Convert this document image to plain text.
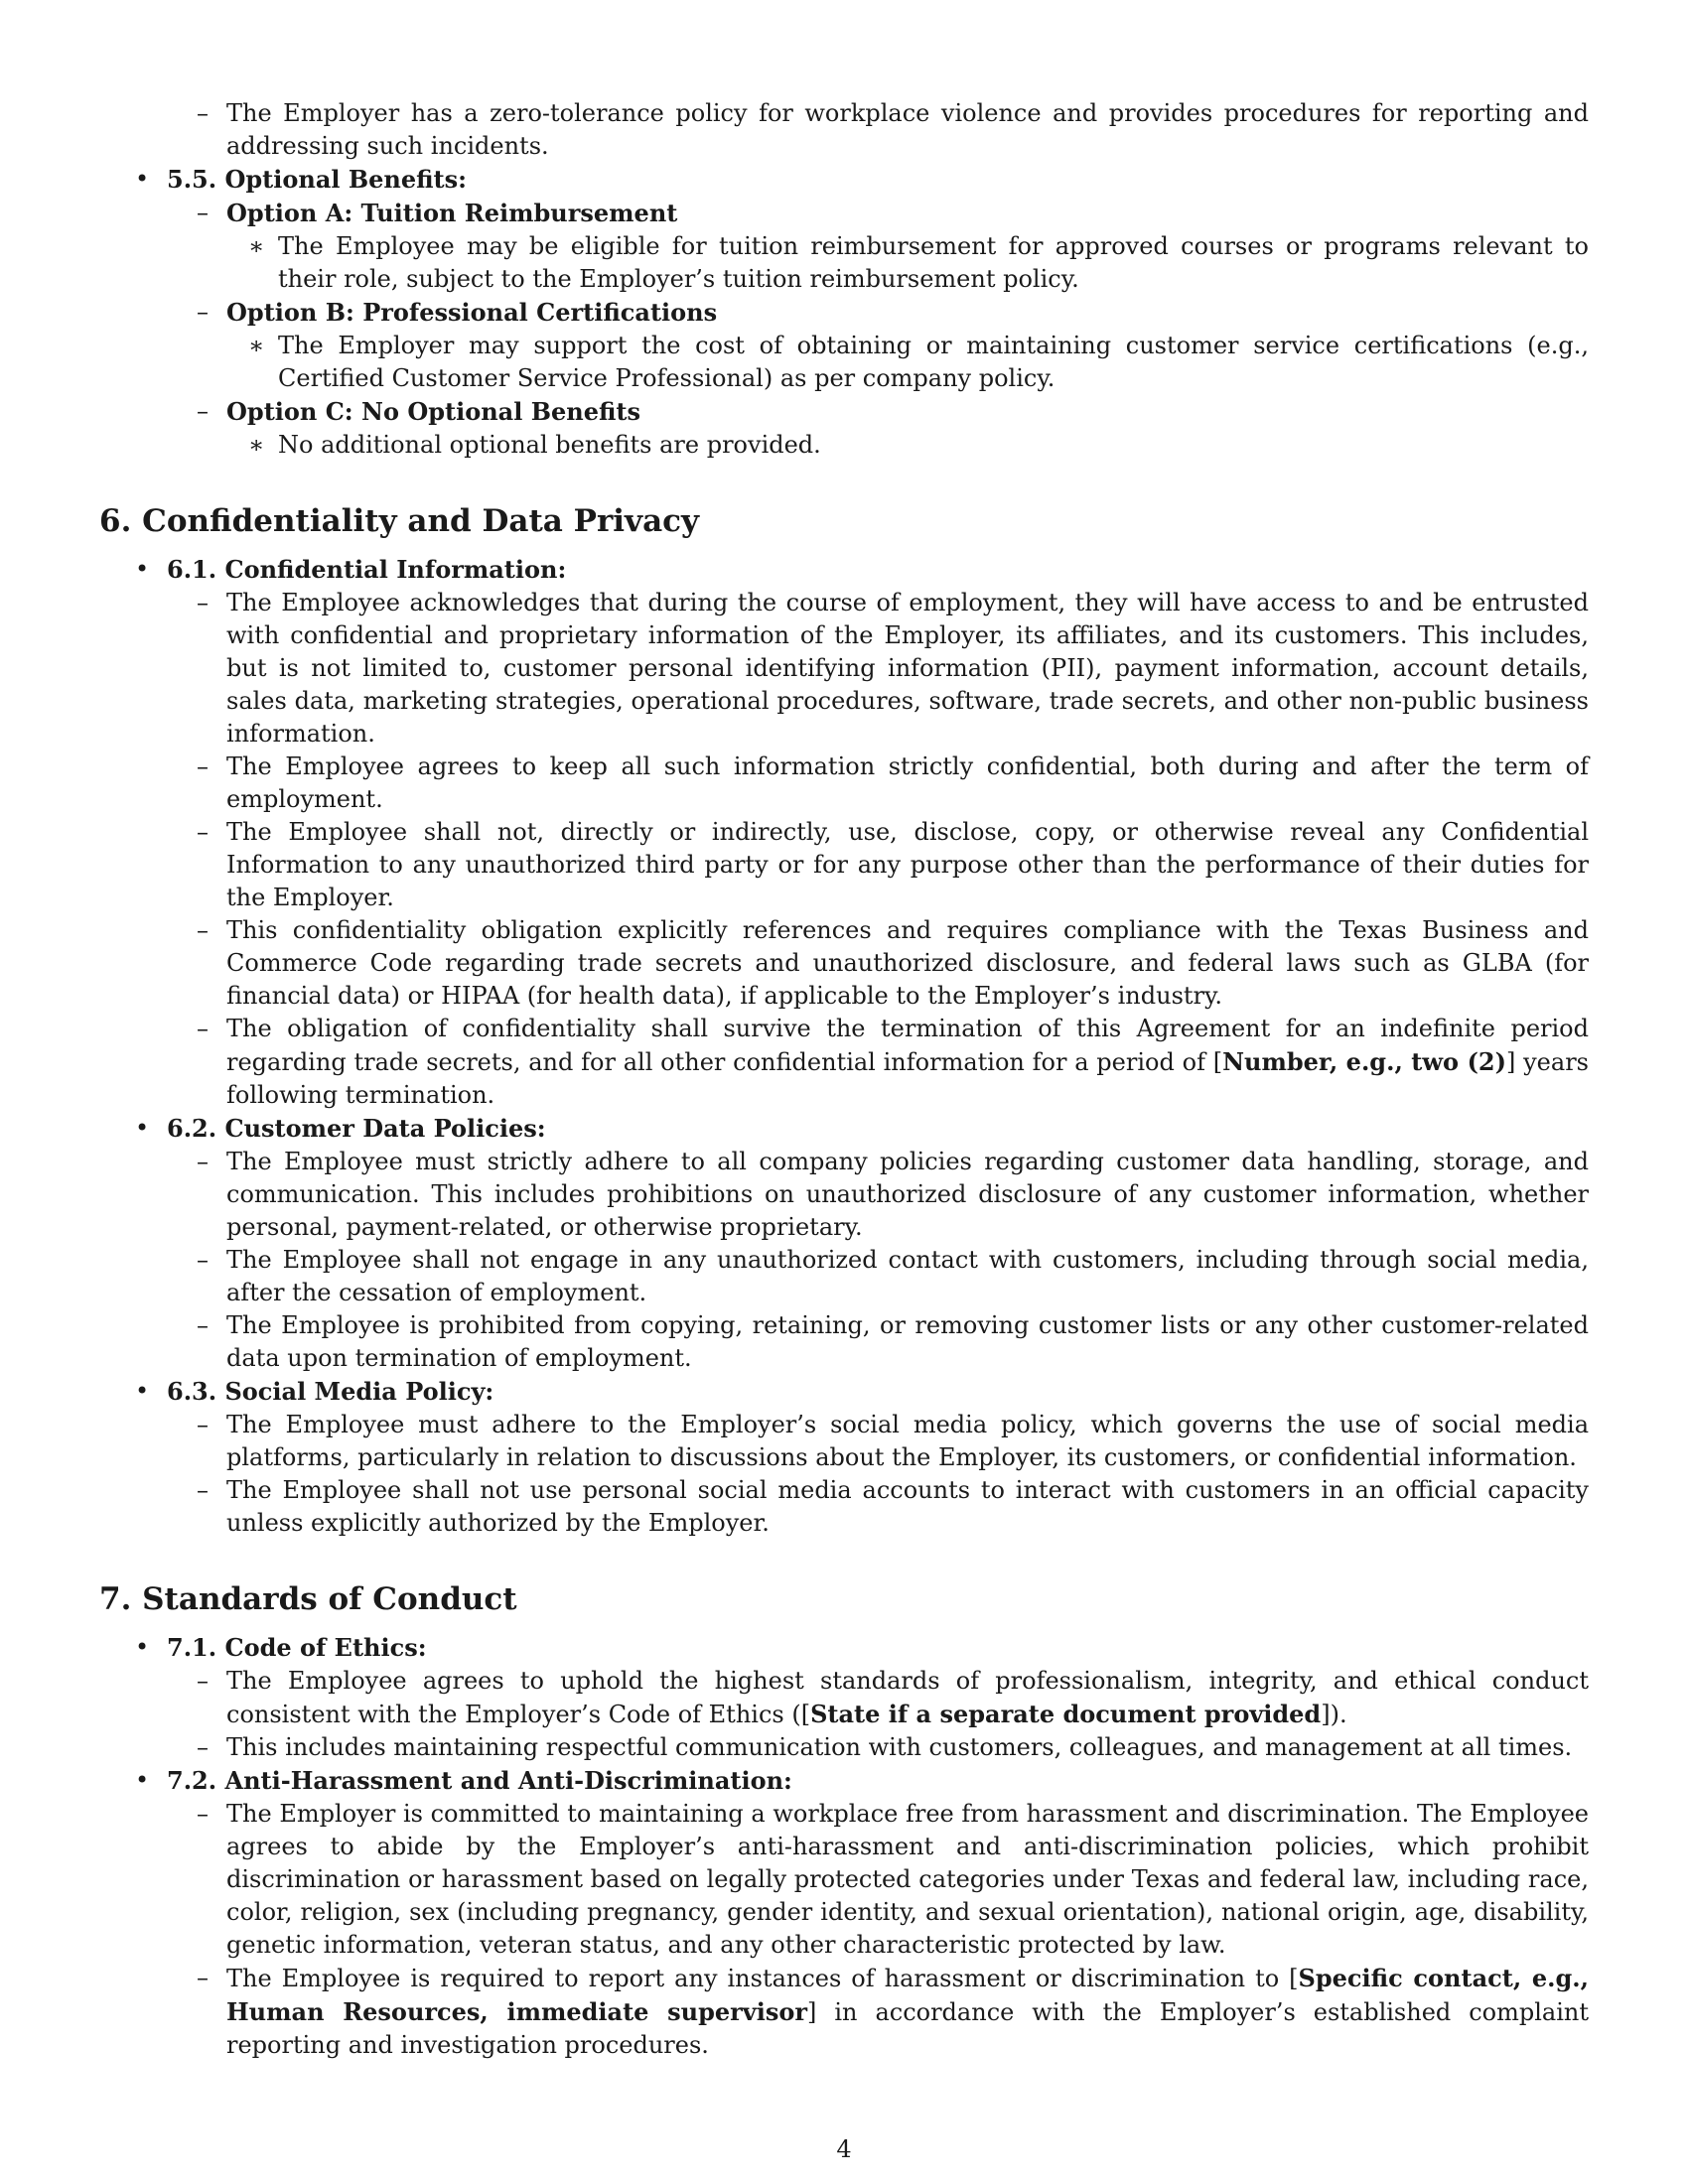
– The Employer has a zero-tolerance policy for workplace violence and provides procedures for reporting and addressing such incidents.
• 5.5. Optional Benefits:
– Option A: Tuition Reimbursement
∗ The Employee may be eligible for tuition reimbursement for approved courses or programs relevant to their role, subject to the Employer’s tuition reimbursement policy.
– Option B: Professional Certifications
∗ The Employer may support the cost of obtaining or maintaining customer service certifications (e.g., Certified Customer Service Professional) as per company policy.
– Option C: No Optional Benefits
∗ No additional optional benefits are provided.
6. Confidentiality and Data Privacy
• 6.1. Confidential Information:
– The Employee acknowledges that during the course of employment, they will have access to and be entrusted with confidential and proprietary information of the Employer, its affiliates, and its customers. This includes, but is not limited to, customer personal identifying information (PII), payment information, account details, sales data, marketing strategies, operational procedures, software, trade secrets, and other non-public business information.
– The Employee agrees to keep all such information strictly confidential, both during and after the term of employment.
– The Employee shall not, directly or indirectly, use, disclose, copy, or otherwise reveal any Confidential Information to any unauthorized third party or for any purpose other than the performance of their duties for the Employer.
– This confidentiality obligation explicitly references and requires compliance with the Texas Business and Commerce Code regarding trade secrets and unauthorized disclosure, and federal laws such as GLBA (for financial data) or HIPAA (for health data), if applicable to the Employer’s industry.
– The obligation of confidentiality shall survive the termination of this Agreement for an indefinite period regarding trade secrets, and for all other confidential information for a period of [Number, e.g., two (2)] years following termination.
• 6.2. Customer Data Policies:
– The Employee must strictly adhere to all company policies regarding customer data handling, storage, and communication. This includes prohibitions on unauthorized disclosure of any customer information, whether personal, payment-related, or otherwise proprietary.
– The Employee shall not engage in any unauthorized contact with customers, including through social media, after the cessation of employment.
– The Employee is prohibited from copying, retaining, or removing customer lists or any other customer-related data upon termination of employment.
• 6.3. Social Media Policy:
– The Employee must adhere to the Employer’s social media policy, which governs the use of social media platforms, particularly in relation to discussions about the Employer, its customers, or confidential information.
– The Employee shall not use personal social media accounts to interact with customers in an official capacity unless explicitly authorized by the Employer.
7. Standards of Conduct
• 7.1. Code of Ethics:
– The Employee agrees to uphold the highest standards of professionalism, integrity, and ethical conduct consistent with the Employer’s Code of Ethics ([State if a separate document provided]).
– This includes maintaining respectful communication with customers, colleagues, and management at all times.
• 7.2. Anti-Harassment and Anti-Discrimination:
– The Employer is committed to maintaining a workplace free from harassment and discrimination. The Employee agrees to abide by the Employer’s anti-harassment and anti-discrimination policies, which prohibit discrimination or harassment based on legally protected categories under Texas and federal law, including race, color, religion, sex (including pregnancy, gender identity, and sexual orientation), national origin, age, disability, genetic information, veteran status, and any other characteristic protected by law.
– The Employee is required to report any instances of harassment or discrimination to [Specific contact, e.g., Human Resources, immediate supervisor] in accordance with the Employer’s established complaint reporting and investigation procedures.
4
